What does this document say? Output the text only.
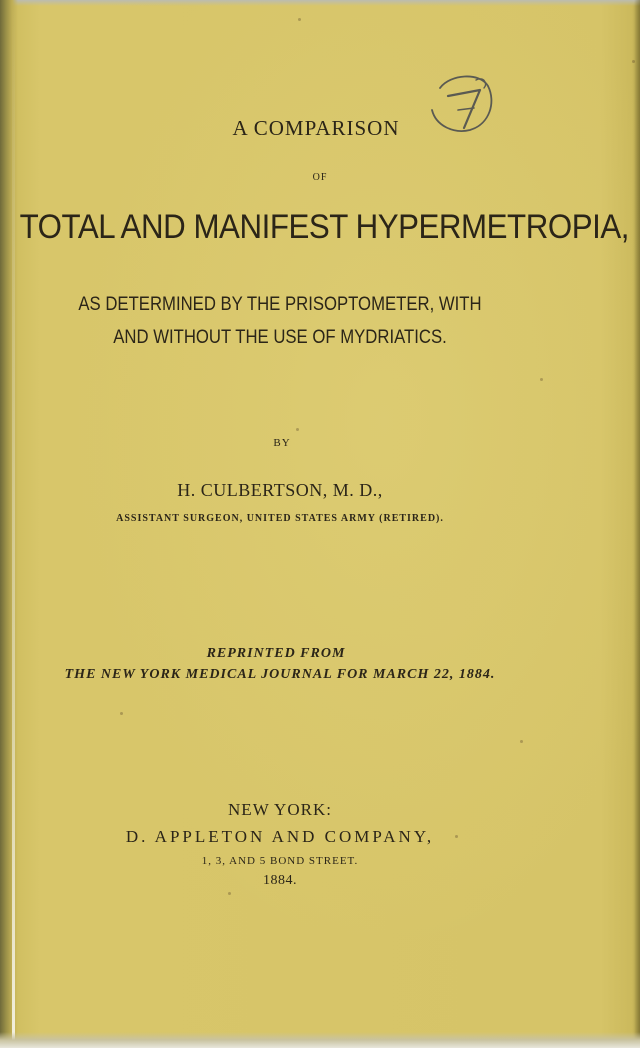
A COMPARISON
OF
TOTAL AND MANIFEST HYPERMETROPIA,
AS DETERMINED BY THE PRISOPTOMETER, WITH
AND WITHOUT THE USE OF MYDRIATICS.
BY
H. CULBERTSON, M. D.,
ASSISTANT SURGEON, UNITED STATES ARMY (RETIRED).
REPRINTED FROM
THE NEW YORK MEDICAL JOURNAL FOR MARCH 22, 1884.
NEW YORK:
D. APPLETON AND COMPANY,
1, 3, AND 5 BOND STREET.
1884.
